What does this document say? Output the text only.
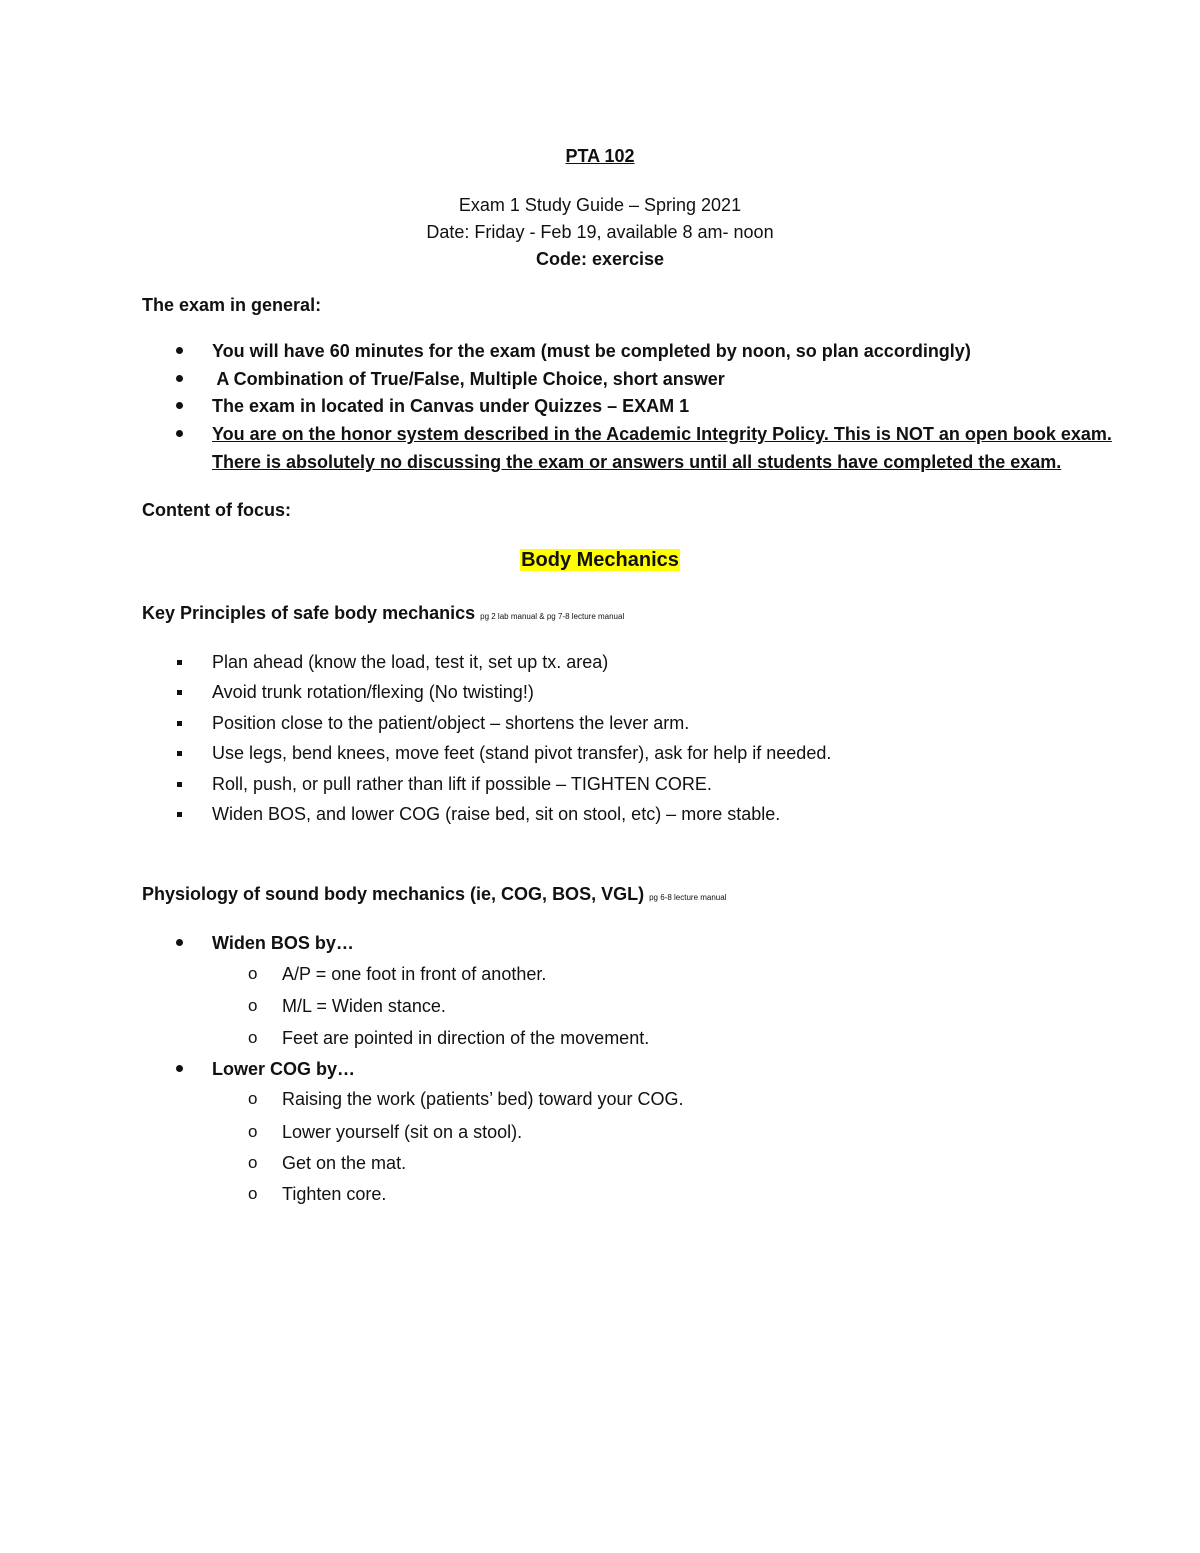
PTA 102
Exam 1 Study Guide – Spring 2021
Date: Friday - Feb 19, available 8 am- noon
Code: exercise
The exam in general:
You will have 60 minutes for the exam (must be completed by noon, so plan accordingly)
A Combination of True/False, Multiple Choice, short answer
The exam in located in Canvas under Quizzes – EXAM 1
You are on the honor system described in the Academic Integrity Policy. This is NOT an open book exam.
There is absolutely no discussing the exam or answers until all students have completed the exam.
Content of focus:
Body Mechanics
Key Principles of safe body mechanics pg 2 lab manual & pg 7-8 lecture manual
Plan ahead (know the load, test it, set up tx. area)
Avoid trunk rotation/flexing (No twisting!)
Position close to the patient/object – shortens the lever arm.
Use legs, bend knees, move feet (stand pivot transfer), ask for help if needed.
Roll, push, or pull rather than lift if possible – TIGHTEN CORE.
Widen BOS, and lower COG (raise bed, sit on stool, etc) – more stable.
Physiology of sound body mechanics (ie, COG, BOS, VGL) pg 6-8 lecture manual
Widen BOS by…
o A/P = one foot in front of another.
o M/L = Widen stance.
o Feet are pointed in direction of the movement.
Lower COG by…
o Raising the work (patients’ bed) toward your COG.
o Lower yourself (sit on a stool).
o Get on the mat.
o Tighten core.
